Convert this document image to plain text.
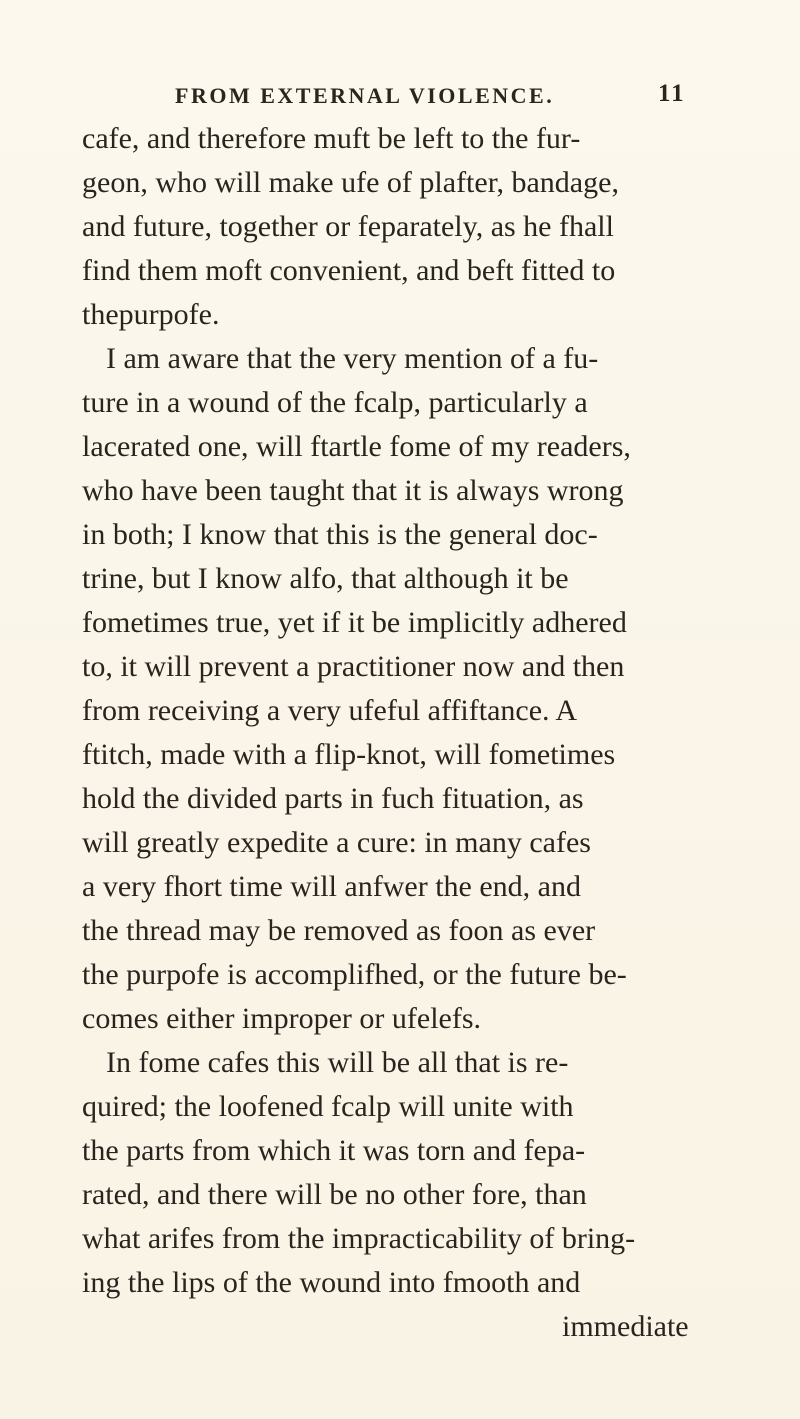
FROM EXTERNAL VIOLENCE.	11
cafe, and therefore muft be left to the fur-
geon, who will make ufe of plafter, bandage,
and future, together or feparately, as he fhall
find them moft convenient, and beft fitted to
thepurpofe.
I am aware that the very mention of a fu-
ture in a wound of the fcalp, particularly a
lacerated one, will ftartle fome of my readers,
who have been taught that it is always wrong
in both; I know that this is the general doc-
trine, but I know alfo, that although it be
fometimes true, yet if it be implicitly adhered
to, it will prevent a practitioner now and then
from receiving a very ufeful affiftance. A
ftitch, made with a flip-knot, will fometimes
hold the divided parts in fuch fituation, as
will greatly expedite a cure: in many cafes
a very fhort time will anfwer the end, and
the thread may be removed as foon as ever
the purpofe is accomplifhed, or the future be-
comes either improper or ufelefs.
In fome cafes this will be all that is re-
quired; the loofened fcalp will unite with
the parts from which it was torn and fepa-
rated, and there will be no other fore, than
what arifes from the impracticability of bring-
ing the lips of the wound into fmooth and
immediate
